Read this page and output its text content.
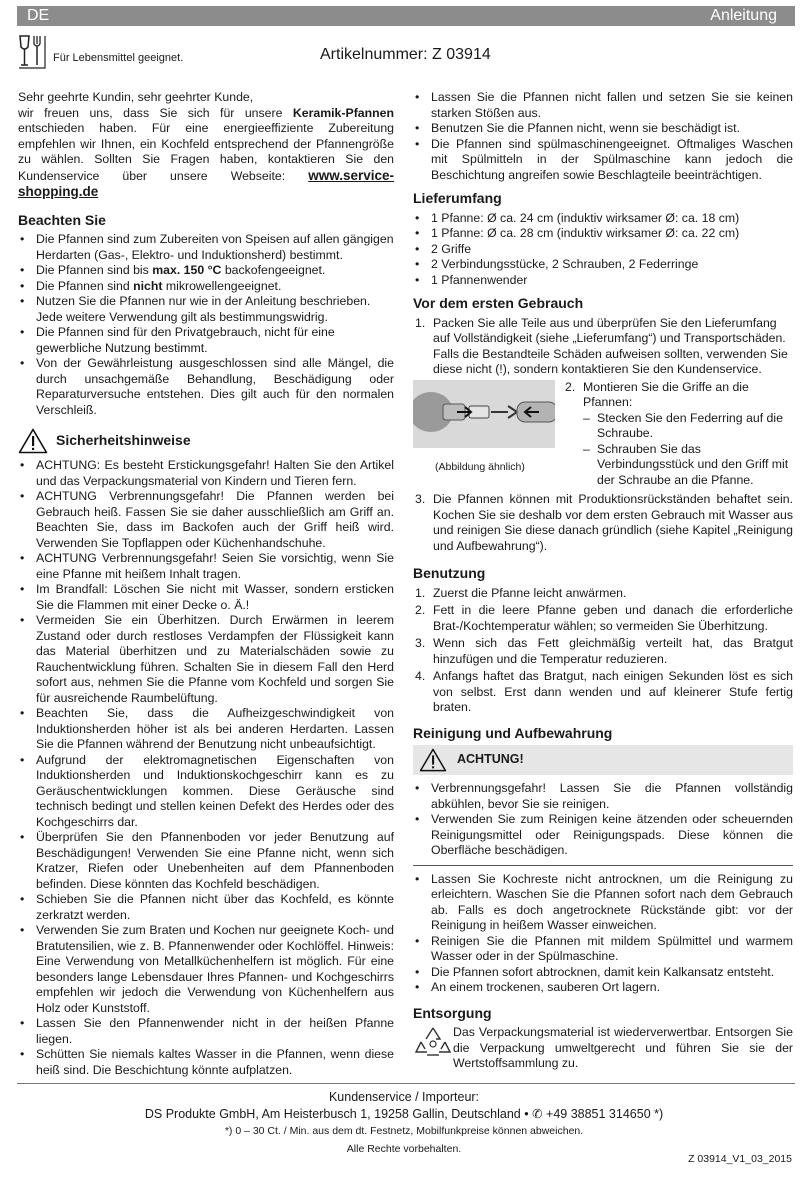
DE	Anleitung
Für Lebensmittel geeignet.	Artikelnummer: Z 03914

Sehr geehrte Kundin, sehr geehrter Kunde,

wir freuen uns, dass Sie sich für unsere Keramik-Pfannen entschieden haben. Für eine energieeffiziente Zubereitung empfehlen wir Ihnen, ein Kochfeld entsprechend der Pfannengröße zu wählen. Sollten Sie Fragen haben, kontaktieren Sie den Kundenservice über unsere Webseite: www.service-shopping.de

Beachten Sie
• Die Pfannen sind zum Zubereiten von Speisen auf allen gängigen Herdarten (Gas-, Elektro- und Induktionsherd) bestimmt.
• Die Pfannen sind bis max. 150 °C backofengeeignet.
• Die Pfannen sind nicht mikrowellengeeignet.
• Nutzen Sie die Pfannen nur wie in der Anleitung beschrieben. Jede weitere Verwendung gilt als bestimmungswidrig.
• Die Pfannen sind für den Privatgebrauch, nicht für eine gewerbliche Nutzung bestimmt.
• Von der Gewährleistung ausgeschlossen sind alle Mängel, die durch unsachgemäße Behandlung, Beschädigung oder Reparaturversuche entstehen. Dies gilt auch für den normalen Verschleiß.
Sicherheitshinweise
• ACHTUNG: Es besteht Erstickungsgefahr! Halten Sie den Artikel und das Verpackungsmaterial von Kindern und Tieren fern.
• ACHTUNG Verbrennungsgefahr! Die Pfannen werden bei Gebrauch heiß. Fassen Sie sie daher ausschließlich am Griff an. Beachten Sie, dass im Backofen auch der Griff heiß wird. Verwenden Sie Topflappen oder Küchenhandschuhe.
• ACHTUNG Verbrennungsgefahr! Seien Sie vorsichtig, wenn Sie eine Pfanne mit heißem Inhalt tragen.
• Im Brandfall: Löschen Sie nicht mit Wasser, sondern ersticken Sie die Flammen mit einer Decke o. Ä.!
• Vermeiden Sie ein Überhitzen. Durch Erwärmen in leerem Zustand oder durch restloses Verdampfen der Flüssigkeit kann das Material überhitzen und zu Materialschäden sowie zu Rauchentwicklung führen. Schalten Sie in diesem Fall den Herd sofort aus, nehmen Sie die Pfanne vom Kochfeld und sorgen Sie für ausreichende Raumbelüftung.
• Beachten Sie, dass die Aufheizgeschwindigkeit von Induktionsherden höher ist als bei anderen Herdarten. Lassen Sie die Pfannen während der Benutzung nicht unbeaufsichtigt.
• Aufgrund der elektromagnetischen Eigenschaften von Induktionsherden und Induktionskochgeschirr kann es zu Geräuschentwicklungen kommen. Diese Geräusche sind technisch bedingt und stellen keinen Defekt des Herdes oder des Kochgeschirrs dar.
• Überprüfen Sie den Pfannenboden vor jeder Benutzung auf Beschädigungen! Verwenden Sie eine Pfanne nicht, wenn sich Kratzer, Riefen oder Unebenheiten auf dem Pfannenboden befinden. Diese könnten das Kochfeld beschädigen.
• Schieben Sie die Pfannen nicht über das Kochfeld, es könnte zerkratzt werden.
• Verwenden Sie zum Braten und Kochen nur geeignete Koch- und Bratutensilien, wie z. B. Pfannenwender oder Kochlöffel. Hinweis: Eine Verwendung von Metallküchenhelfern ist möglich. Für eine besonders lange Lebensdauer Ihres Pfannen- und Kochgeschirrs empfehlen wir jedoch die Verwendung von Küchenhelfern aus Holz oder Kunststoff.
• Lassen Sie den Pfannenwender nicht in der heißen Pfanne liegen.
• Schütten Sie niemals kaltes Wasser in die Pfannen, wenn diese heiß sind. Die Beschichtung könnte aufplatzen.
• Lassen Sie die Pfannen nicht fallen und setzen Sie sie keinen starken Stößen aus.
• Benutzen Sie die Pfannen nicht, wenn sie beschädigt ist.
• Die Pfannen sind spülmaschinengeeignet. Oftmaliges Waschen mit Spülmitteln in der Spülmaschine kann jedoch die Beschichtung angreifen sowie Beschlagteile beeinträchtigen.
Lieferumfang
• 1 Pfanne: Ø ca. 24 cm (induktiv wirksamer Ø: ca. 18 cm)
• 1 Pfanne: Ø ca. 28 cm (induktiv wirksamer Ø: ca. 22 cm)
• 2 Griffe
• 2 Verbindungsstücke, 2 Schrauben, 2 Federringe
• 1 Pfannenwender
Vor dem ersten Gebrauch
1. Packen Sie alle Teile aus und überprüfen Sie den Lieferumfang auf Vollständigkeit (siehe „Lieferumfang“) und Transportschäden. Falls die Bestandteile Schäden aufweisen sollten, verwenden Sie diese nicht (!), sondern kontaktieren Sie den Kundenservice.
(Abbildung ähnlich)
2. Montieren Sie die Griffe an die Pfannen:
– Stecken Sie den Federring auf die Schraube.
– Schrauben Sie das Verbindungsstück und den Griff mit der Schraube an die Pfanne.
3. Die Pfannen können mit Produktionsrückständen behaftet sein. Kochen Sie sie deshalb vor dem ersten Gebrauch mit Wasser aus und reinigen Sie diese danach gründlich (siehe Kapitel „Reinigung und Aufbewahrung“).
Benutzung
1. Zuerst die Pfanne leicht anwärmen.
2. Fett in die leere Pfanne geben und danach die erforderliche Brat-/Kochtemperatur wählen; so vermeiden Sie Überhitzung.
3. Wenn sich das Fett gleichmäßig verteilt hat, das Bratgut hinzufügen und die Temperatur reduzieren.
4. Anfangs haftet das Bratgut, nach einigen Sekunden löst es sich von selbst. Erst dann wenden und auf kleinerer Stufe fertig braten.
Reinigung und Aufbewahrung
ACHTUNG!
• Verbrennungsgefahr! Lassen Sie die Pfannen vollständig abkühlen, bevor Sie sie reinigen.
• Verwenden Sie zum Reinigen keine ätzenden oder scheuernden Reinigungsmittel oder Reinigungspads. Diese können die Oberfläche beschädigen.
• Lassen Sie Kochreste nicht antrocknen, um die Reinigung zu erleichtern. Waschen Sie die Pfannen sofort nach dem Gebrauch ab. Falls es doch angetrocknete Rückstände gibt: vor der Reinigung in heißem Wasser einweichen.
• Reinigen Sie die Pfannen mit mildem Spülmittel und warmem Wasser oder in der Spülmaschine.
• Die Pfannen sofort abtrocknen, damit kein Kalkansatz entsteht.
• An einem trockenen, sauberen Ort lagern.
Entsorgung

Das Verpackungsmaterial ist wiederverwertbar. Entsorgen Sie die Verpackung umweltgerecht und führen Sie sie der Wertstoffsammlung zu.

Kundenservice / Importeur:
DS Produkte GmbH, Am Heisterbusch 1, 19258 Gallin, Deutschland • ✆ +49 38851 314650 *)
*) 0 – 30 Ct. / Min. aus dem dt. Festnetz, Mobilfunkpreise können abweichen.
Alle Rechte vorbehalten.
Z 03914_V1_03_2015
